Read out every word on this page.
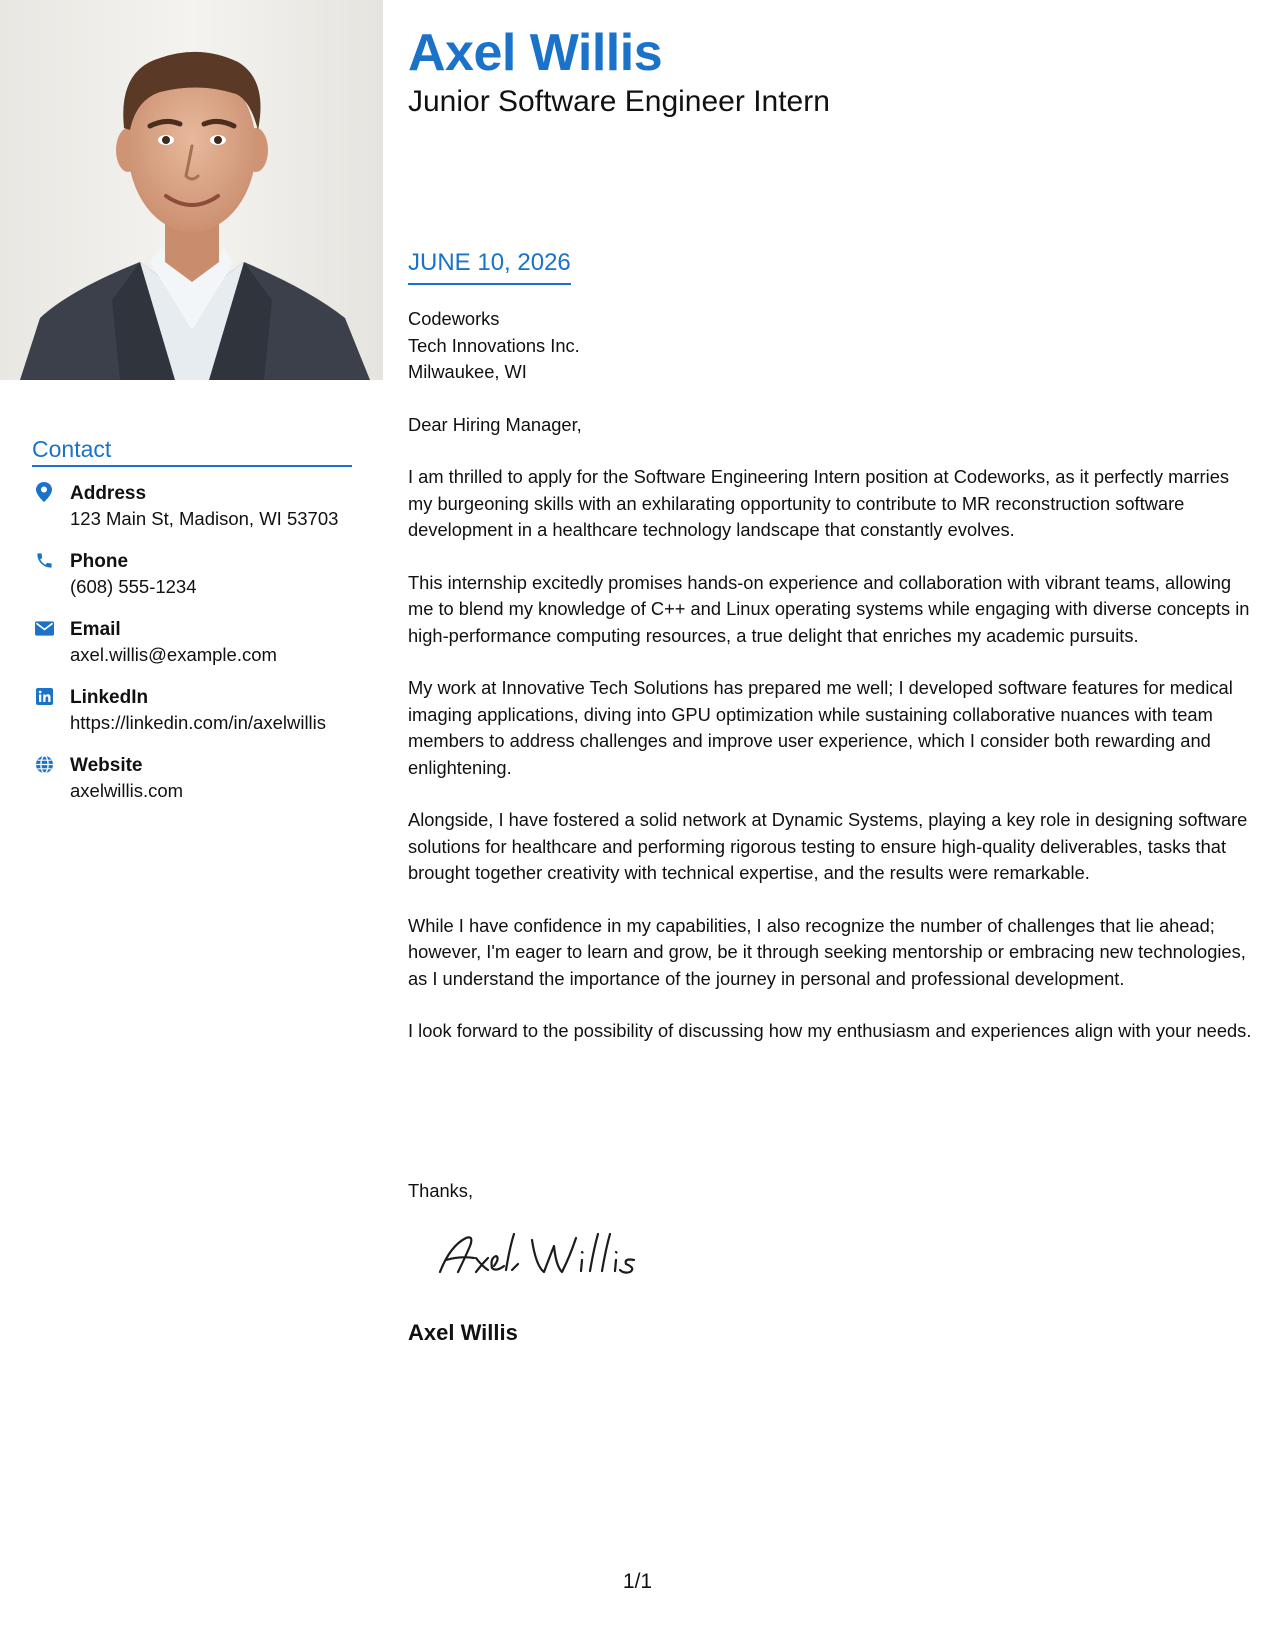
Contact
Address
123 Main St, Madison, WI 53703
Phone
(608) 555-1234
Email
axel.willis@example.com
LinkedIn
https://linkedin.com/in/axelwillis
Website
axelwillis.com
Axel Willis
Junior Software Engineer Intern
JUNE 10, 2026

Codeworks

Tech Innovations Inc.

Milwaukee, WI

Dear Hiring Manager,

I am thrilled to apply for the Software Engineering Intern position at Codeworks, as it perfectly marries my burgeoning skills with an exhilarating opportunity to contribute to MR reconstruction software development in a healthcare technology landscape that constantly evolves.

This internship excitedly promises hands-on experience and collaboration with vibrant teams, allowing me to blend my knowledge of C++ and Linux operating systems while engaging with diverse concepts in high-performance computing resources, a true delight that enriches my academic pursuits.

My work at Innovative Tech Solutions has prepared me well; I developed software features for medical imaging applications, diving into GPU optimization while sustaining collaborative nuances with team members to address challenges and improve user experience, which I consider both rewarding and enlightening.

Alongside, I have fostered a solid network at Dynamic Systems, playing a key role in designing software solutions for healthcare and performing rigorous testing to ensure high-quality deliverables, tasks that brought together creativity with technical expertise, and the results were remarkable.

While I have confidence in my capabilities, I also recognize the number of challenges that lie ahead; however, I'm eager to learn and grow, be it through seeking mentorship or embracing new technologies, as I understand the importance of the journey in personal and professional development.

I look forward to the possibility of discussing how my enthusiasm and experiences align with your needs.

Thanks,
Axel Willis
1/1
